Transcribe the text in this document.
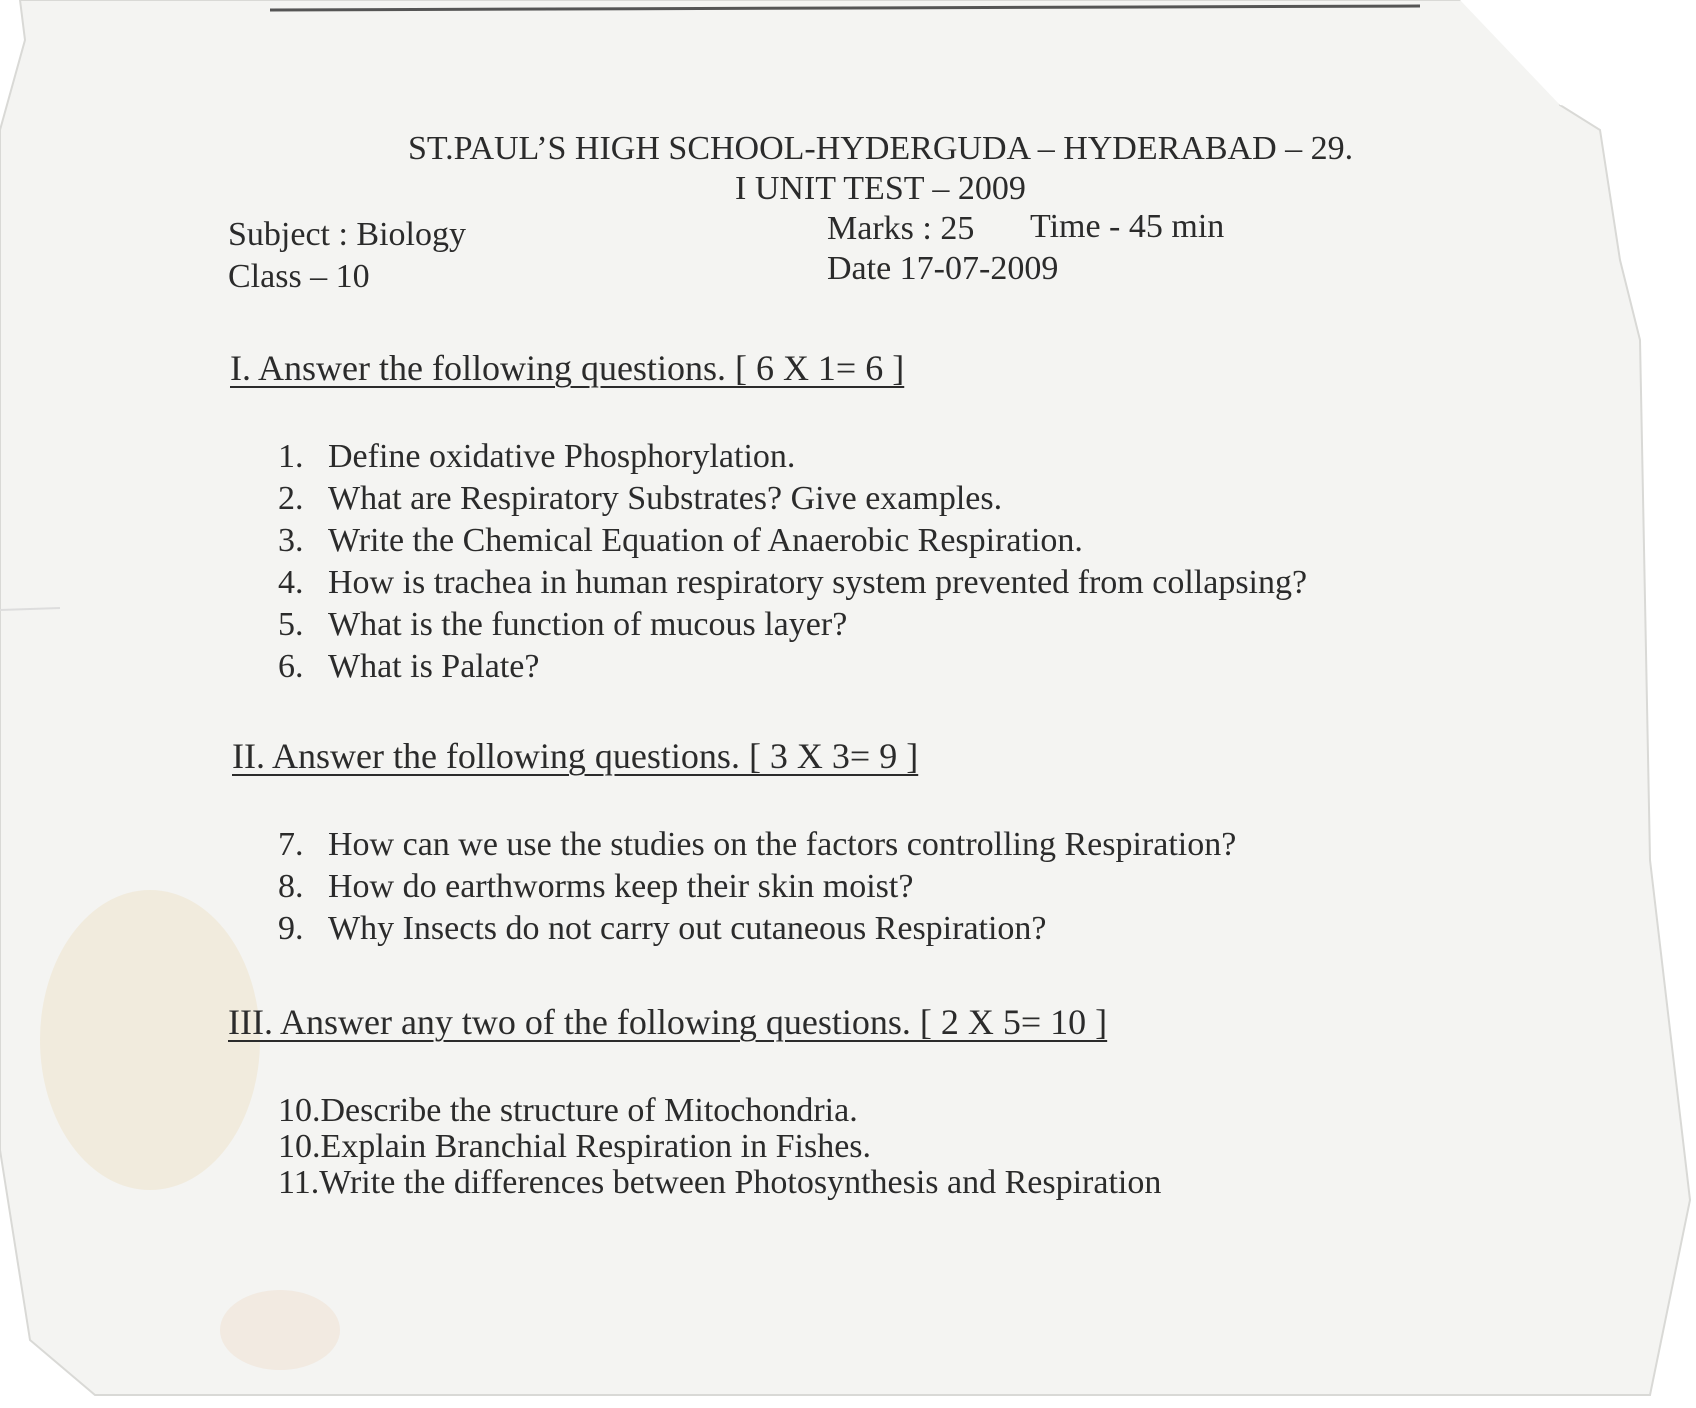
ST.PAUL’S HIGH SCHOOL-HYDERGUDA – HYDERABAD – 29.
I UNIT TEST – 2009
Subject : Biology	Marks : 25 Time - 45 min
Class – 10	Date 17-07-2009
I. Answer the following questions. [ 6 X 1= 6 ]
1. Define oxidative Phosphorylation.
2. What are Respiratory Substrates? Give examples.
3. Write the Chemical Equation of Anaerobic Respiration.
4. How is trachea in human respiratory system prevented from collapsing?
5. What is the function of mucous layer?
6. What is Palate?
II. Answer the following questions. [ 3 X 3= 9 ]
7. How can we use the studies on the factors controlling Respiration?
8. How do earthworms keep their skin moist?
9. Why Insects do not carry out cutaneous Respiration?
III. Answer any two of the following questions. [ 2 X 5= 10 ]
10.Describe the structure of Mitochondria.
10.Explain Branchial Respiration in Fishes.
11.Write the differences between Photosynthesis and Respiration
